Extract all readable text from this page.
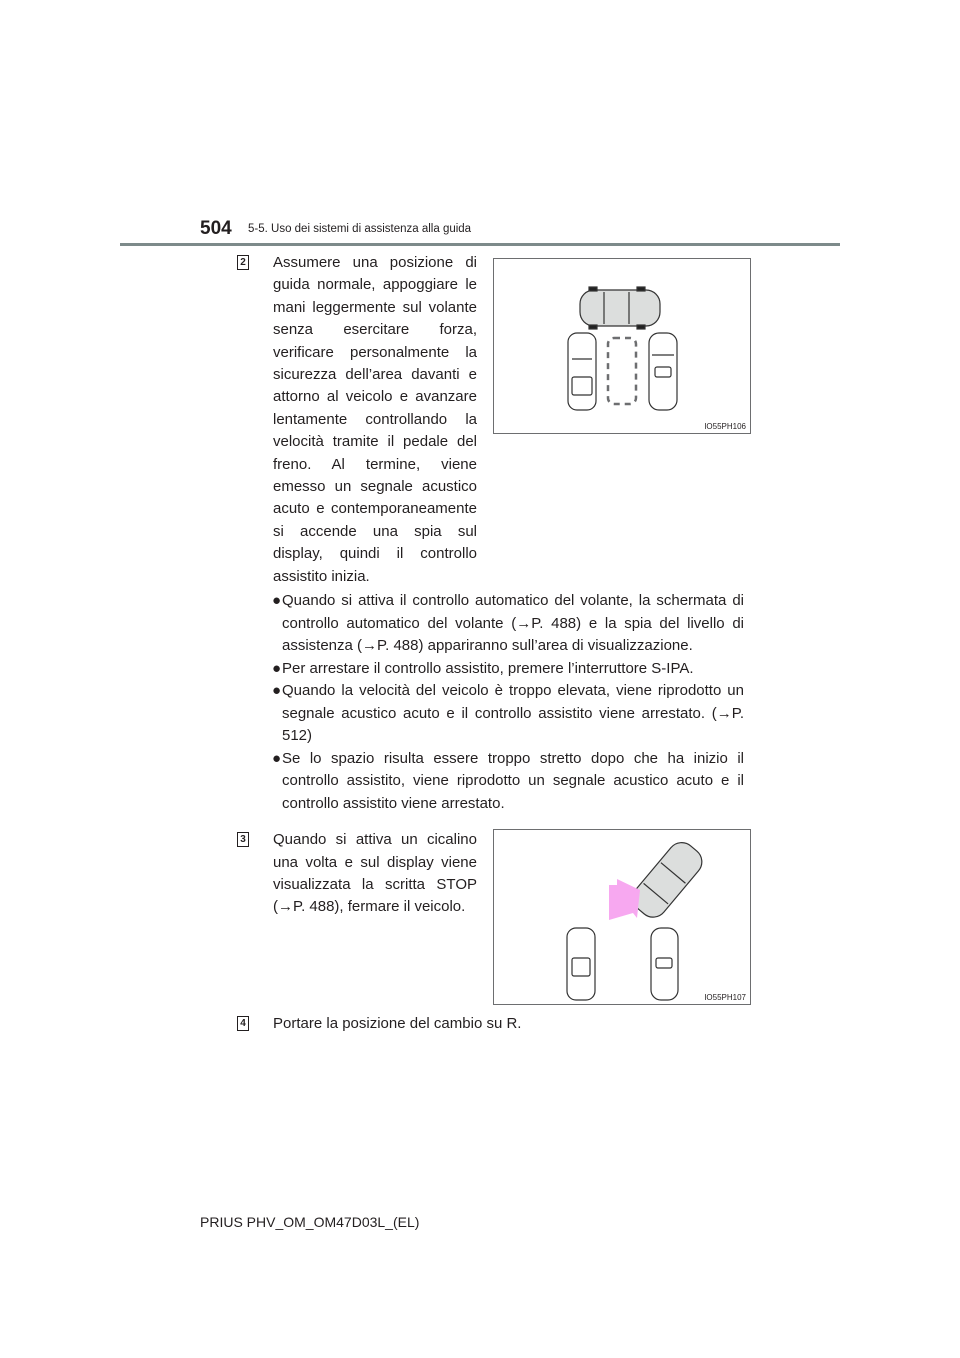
504 5-5. Uso dei sistemi di assistenza alla guida
2 Assumere una posizione di guida normale, appoggiare le mani leggermente sul volante senza esercitare forza, verificare personalmente la sicurezza dell’area davanti e attorno al veicolo e avanzare lentamente controllando la velocità tramite il pedale del freno. Al termine, viene emesso un segnale acustico acuto e contemporaneamente si accende una spia sul display, quindi il controllo assistito inizia.
IO55PH106
● Quando si attiva il controllo automatico del volante, la schermata di controllo automatico del volante (→P. 488) e la spia del livello di assistenza (→P. 488) appariranno sull’area di visualizzazione.
● Per arrestare il controllo assistito, premere l’interruttore S-IPA.
● Quando la velocità del veicolo è troppo elevata, viene riprodotto un segnale acustico acuto e il controllo assistito viene arrestato. (→P. 512)
● Se lo spazio risulta essere troppo stretto dopo che ha inizio il controllo assistito, viene riprodotto un segnale acustico acuto e il controllo assistito viene arrestato.
3 Quando si attiva un cicalino una volta e sul display viene visualizzata la scritta STOP (→P. 488), fermare il veicolo.
IO55PH107
4 Portare la posizione del cambio su R.
PRIUS PHV_OM_OM47D03L_(EL)
